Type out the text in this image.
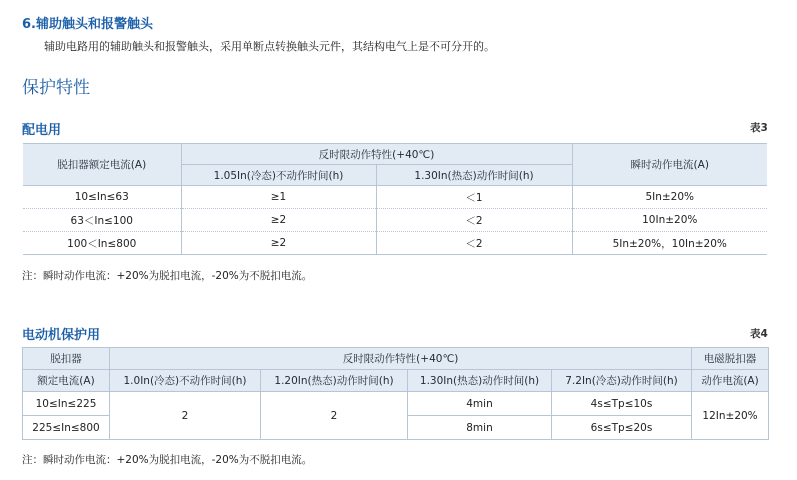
6.辅助触头和报警触头
辅助电路用的辅助触头和报警触头，采用单断点转换触头元件，其结构电气上是不可分开的。
保护特性
配电用	表3
脱扣器额定电流(A)	反时限动作特性(+40℃)		瞬时动作电流(A)
	1.05In(冷态)不动作时间(h)	1.30In(热态)动作时间(h)	
10≤In≤63	≥1	＜1	5In±20%
63＜In≤100	≥2	＜2	10In±20%
100＜In≤800	≥2	＜2	5In±20%，10In±20%
注：瞬时动作电流：+20%为脱扣电流，-20%为不脱扣电流。
电动机保护用	表4
脱扣器	反时限动作特性(+40℃)				电磁脱扣器
额定电流(A)	1.0In(冷态)不动作时间(h)	1.20In(热态)动作时间(h)	1.30In(热态)动作时间(h)	7.2In(冷态)动作时间(h)	动作电流(A)
10≤In≤225	2	2	4min	4s≤Tp≤10s	12In±20%
225≤In≤800			8min	6s≤Tp≤20s	
注：瞬时动作电流：+20%为脱扣电流，-20%为不脱扣电流。
